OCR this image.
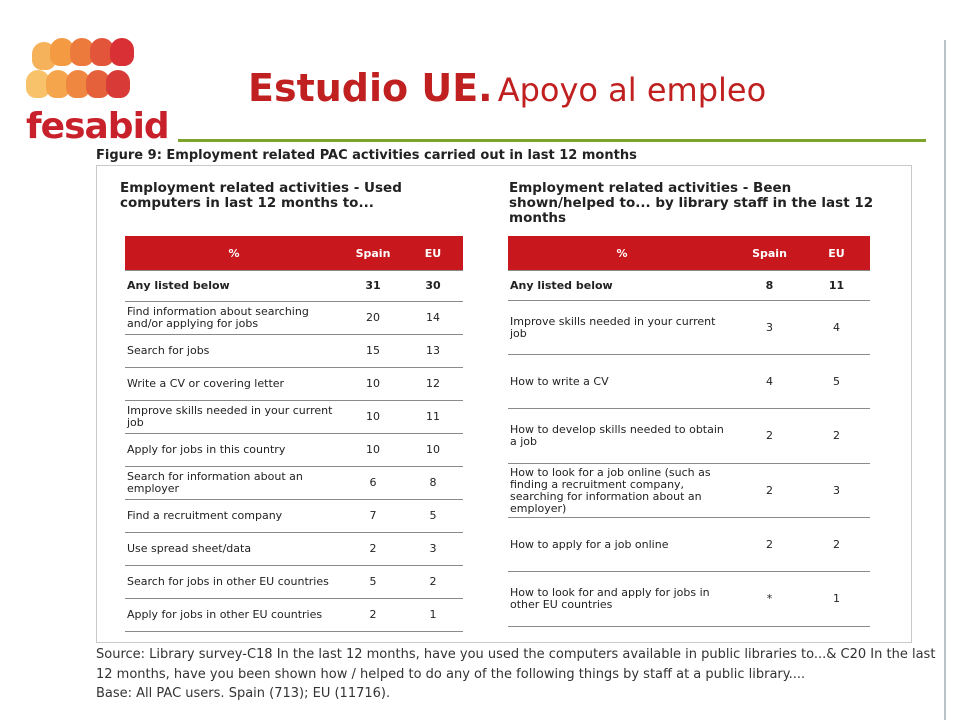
fesabid
Estudio UE. Apoyo al empleo
Figure 9: Employment related PAC activities carried out in last 12 months
Employment related activities - Used computers in last 12 months to...
Employment related activities - Been shown/helped to... by library staff in the last 12 months
%	Spain	EU
Any listed below	31	30
Find information about searching and/or applying for jobs	20	14
Search for jobs	15	13
Write a CV or covering letter	10	12
Improve skills needed in your current job	10	11
Apply for jobs in this country	10	10
Search for information about an employer	6	8
Find a recruitment company	7	5
Use spread sheet/data	2	3
Search for jobs in other EU countries	5	2
Apply for jobs in other EU countries	2	1
%	Spain	EU
Any listed below	8	11
Improve skills needed in your current job	3	4
How to write a CV	4	5
How to develop skills needed to obtain a job	2	2
How to look for a job online (such as finding a recruitment company, searching for information about an employer)	2	3
How to apply for a job online	2	2
How to look for and apply for jobs in other EU countries	*	1
Source: Library survey-C18 In the last 12 months, have you used the computers available in public libraries to...& C20 In the last 12 months, have you been shown how / helped to do any of the following things by staff at a public library....
Base: All PAC users. Spain (713); EU (11716).
